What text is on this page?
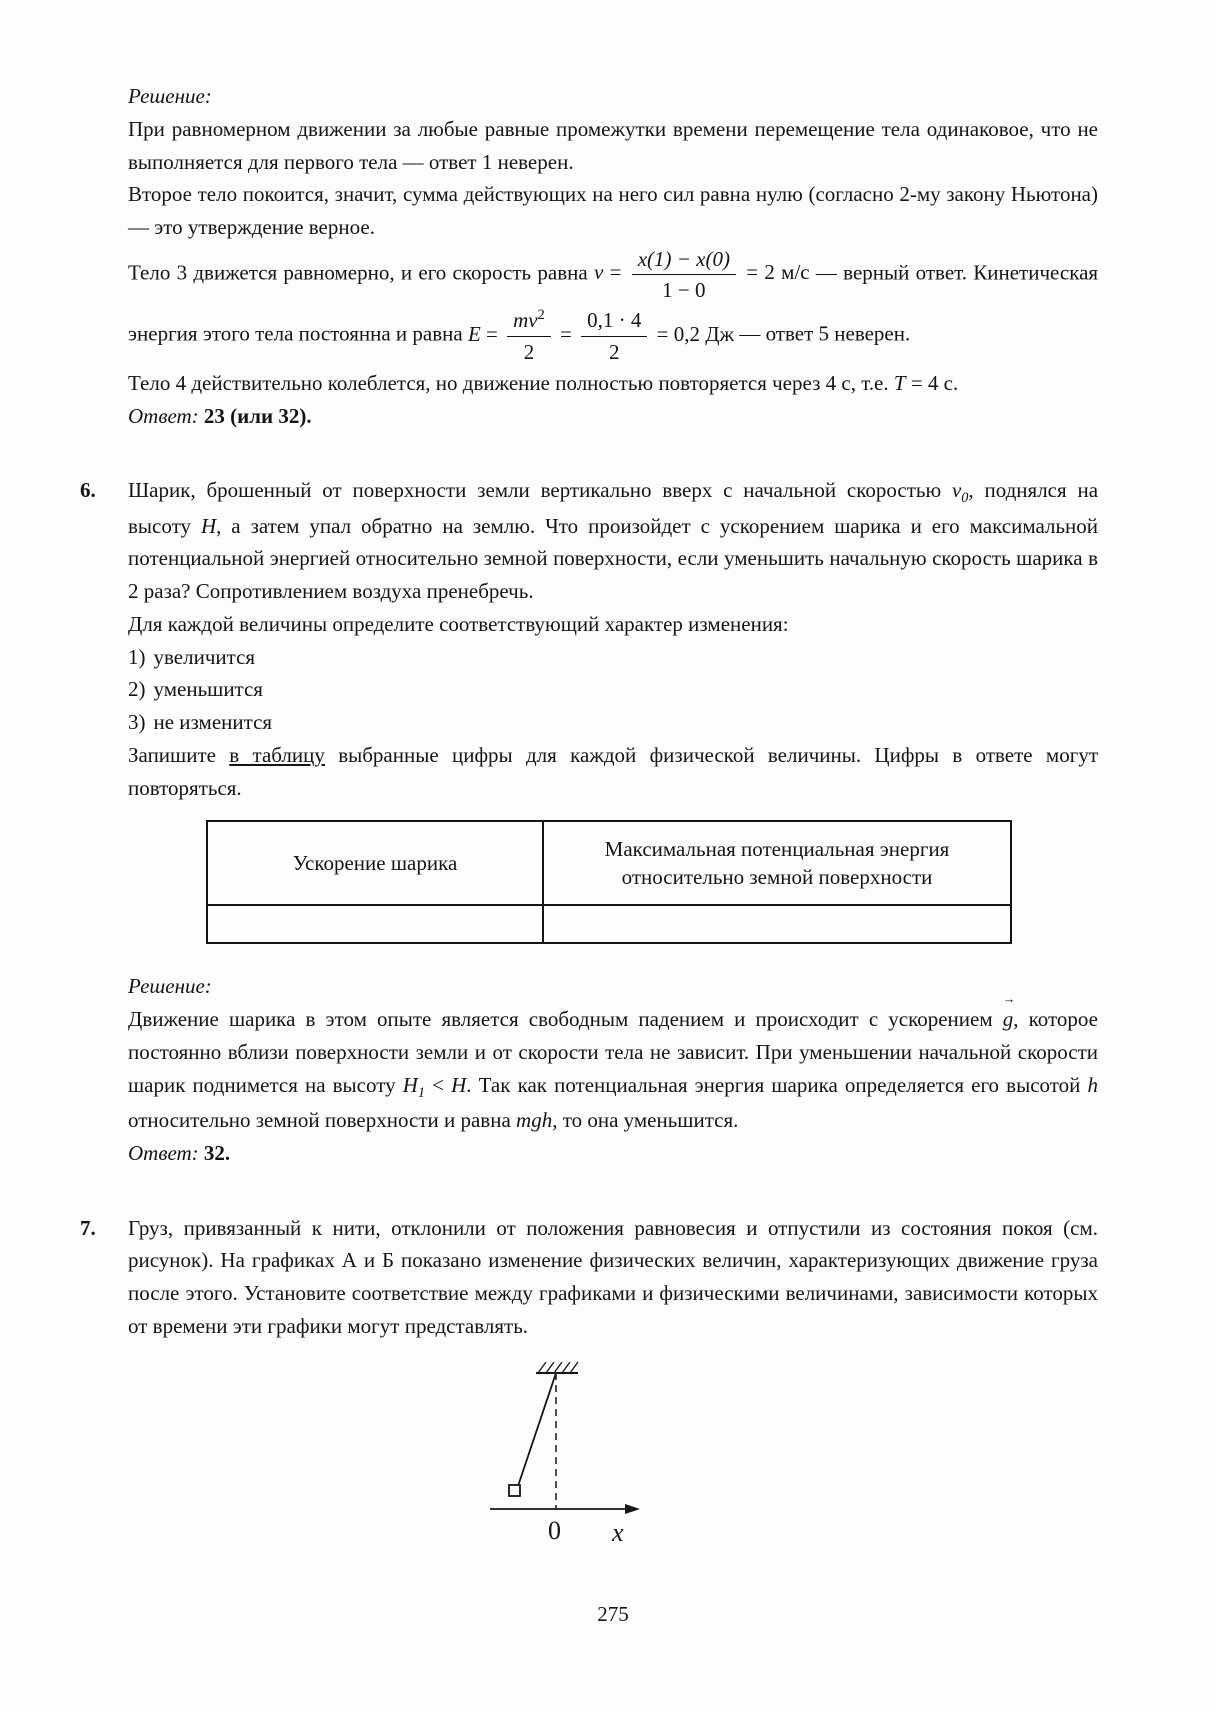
Решение:

При равномерном движении за любые равные промежутки времени перемещение тела одинаковое, что не выполняется для первого тела — ответ 1 неверен.

Второе тело покоится, значит, сумма действующих на него сил равна нулю (согласно 2-му закону Ньютона) — это утверждение верное.

Тело 3 движется равномерно, и его скорость равна $v = \frac{x(1) - x(0)}{1 - 0} = 2$ м/с — верный ответ. Кинетическая энергия этого тела постоянна и равна $E = \frac{mv^2}{2} = \frac{0,1 \cdot 4}{2} = 0,2$ Дж — ответ 5 неверен.

Тело 4 действительно колеблется, но движение полностью повторяется через 4 с, т.е. T = 4 с.

Ответ: 23 (или 32).

6. Шарик, брошенный от поверхности земли вертикально вверх с начальной скоростью $v_0$, поднялся на высоту H, а затем упал обратно на землю. Что произойдет с ускорением шарика и его максимальной потенциальной энергией относительно земной поверхности, если уменьшить начальную скорость шарика в 2 раза? Сопротивлением воздуха пренебречь.

Для каждой величины определите соответствующий характер изменения:

1) увеличится

2) уменьшится

3) не изменится

Запишите в таблицу выбранные цифры для каждой физической величины. Цифры в ответе могут повторяться.

Ускорение шарика	Максимальная потенциальная энергия относительно земной поверхности

Решение:

Движение шарика в этом опыте является свободным падением и происходит с ускорением
→
g, которое постоянно вблизи поверхности земли и от скорости тела не зависит. При уменьшении начальной скорости шарик поднимется на высоту $H_1 < H$. Так как потенциальная энергия шарика определяется его высотой h относительно земной поверхности и равна mgh, то она уменьшится.

Ответ: 32.

7. Груз, привязанный к нити, отклонили от положения равновесия и отпустили из состояния покоя (см. рисунок). На графиках А и Б показано изменение физических величин, характеризующих движение груза после этого. Установите соответствие между графиками и физическими величинами, зависимости которых от времени эти графики могут представлять.

0 x

275
